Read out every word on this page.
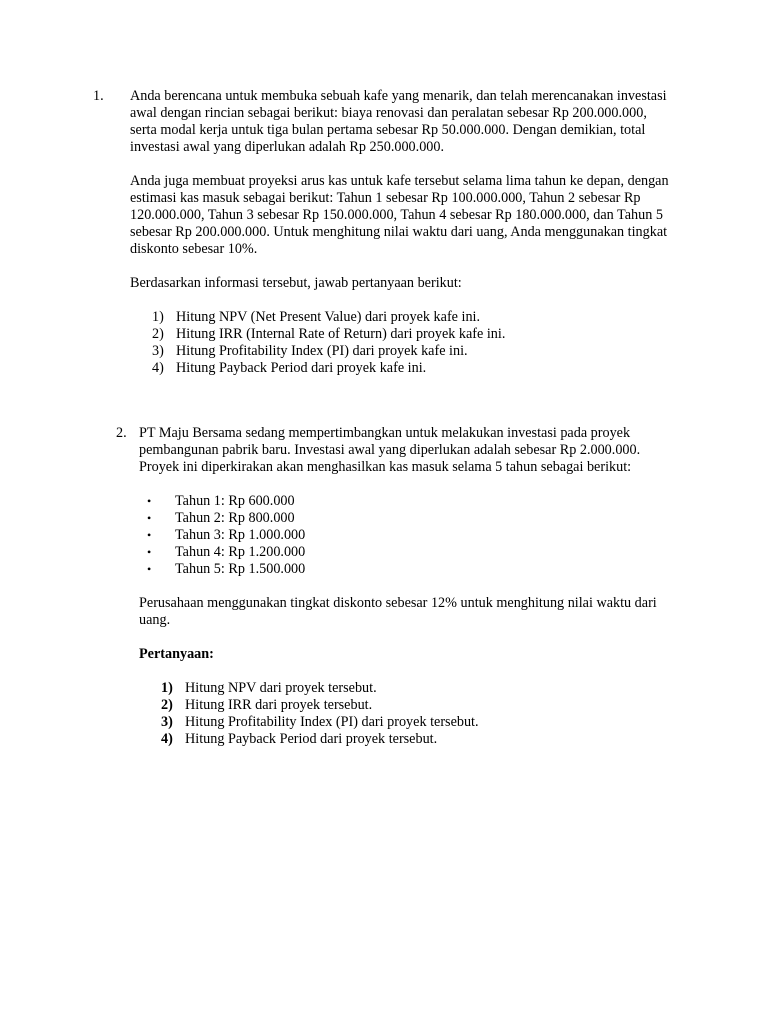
1. Anda berencana untuk membuka sebuah kafe yang menarik, dan telah merencanakan investasi awal dengan rincian sebagai berikut: biaya renovasi dan peralatan sebesar Rp 200.000.000, serta modal kerja untuk tiga bulan pertama sebesar Rp 50.000.000. Dengan demikian, total investasi awal yang diperlukan adalah Rp 250.000.000.

Anda juga membuat proyeksi arus kas untuk kafe tersebut selama lima tahun ke depan, dengan estimasi kas masuk sebagai berikut: Tahun 1 sebesar Rp 100.000.000, Tahun 2 sebesar Rp 120.000.000, Tahun 3 sebesar Rp 150.000.000, Tahun 4 sebesar Rp 180.000.000, dan Tahun 5 sebesar Rp 200.000.000. Untuk menghitung nilai waktu dari uang, Anda menggunakan tingkat diskonto sebesar 10%.

Berdasarkan informasi tersebut, jawab pertanyaan berikut:

1) Hitung NPV (Net Present Value) dari proyek kafe ini.
2) Hitung IRR (Internal Rate of Return) dari proyek kafe ini.
3) Hitung Profitability Index (PI) dari proyek kafe ini.
4) Hitung Payback Period dari proyek kafe ini.
2. PT Maju Bersama sedang mempertimbangkan untuk melakukan investasi pada proyek pembangunan pabrik baru. Investasi awal yang diperlukan adalah sebesar Rp 2.000.000. Proyek ini diperkirakan akan menghasilkan kas masuk selama 5 tahun sebagai berikut:

•	Tahun 1: Rp 600.000
•	Tahun 2: Rp 800.000
•	Tahun 3: Rp 1.000.000
•	Tahun 4: Rp 1.200.000
•	Tahun 5: Rp 1.500.000

Perusahaan menggunakan tingkat diskonto sebesar 12% untuk menghitung nilai waktu dari uang.

Pertanyaan:

1) Hitung NPV dari proyek tersebut.
2) Hitung IRR dari proyek tersebut.
3) Hitung Profitability Index (PI) dari proyek tersebut.
4) Hitung Payback Period dari proyek tersebut.
